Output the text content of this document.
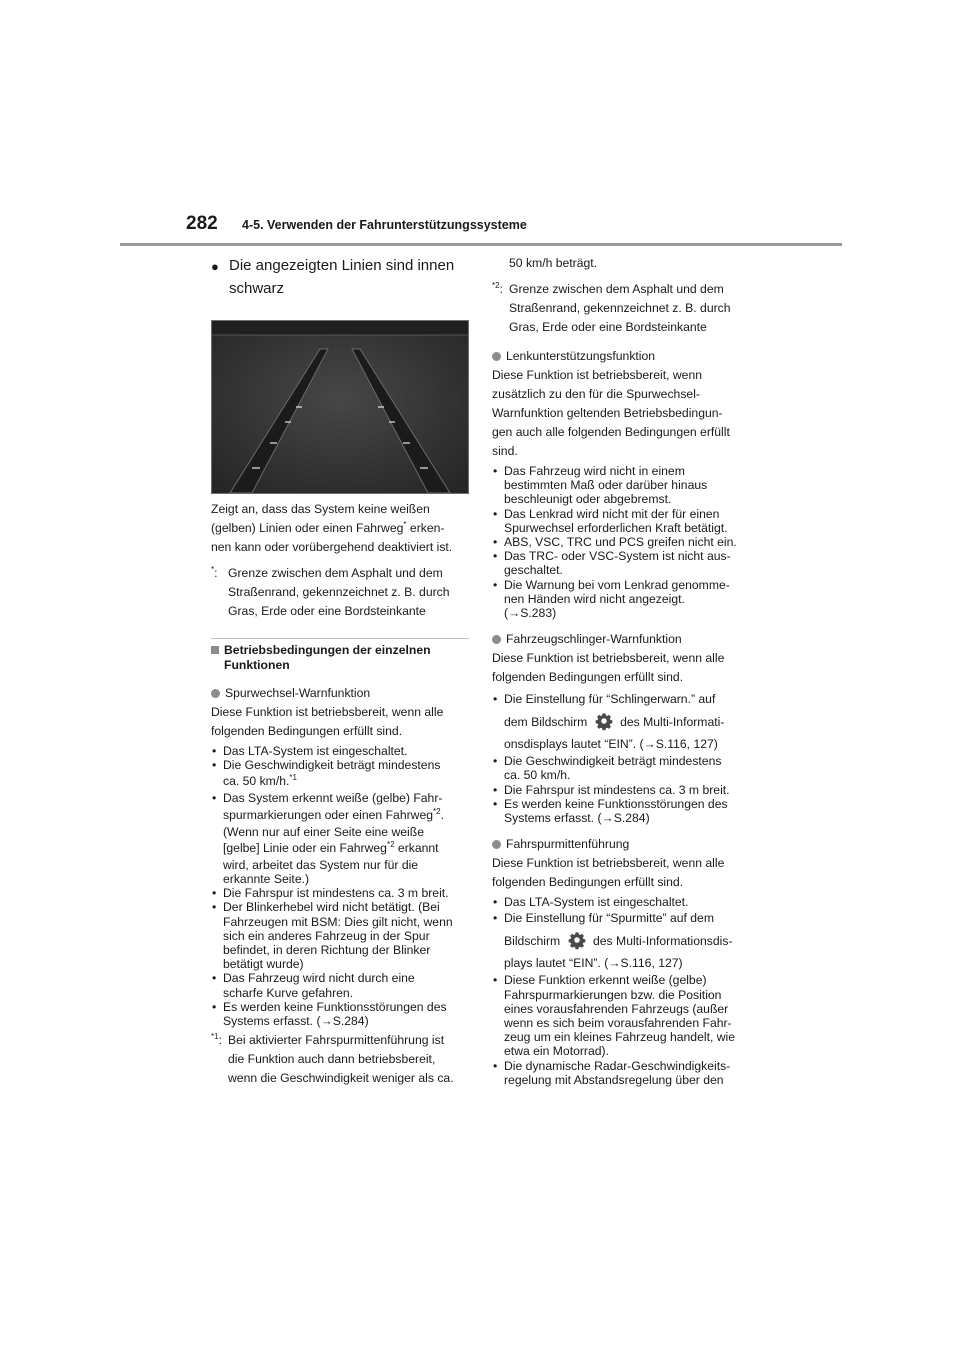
282	4-5. Verwenden der Fahrunterstützungssysteme
● Die angezeigten Linien sind innen schwarz

Zeigt an, dass das System keine weißen
(gelben) Linien oder einen Fahrweg* erken-
nen kann oder vorübergehend deaktiviert ist.

*: Grenze zwischen dem Asphalt und dem
Straßenrand, gekennzeichnet z. B. durch
Gras, Erde oder eine Bordsteinkante
Betriebsbedingungen der einzelnen Funktionen
Spurwechsel-Warnfunktion

Diese Funktion ist betriebsbereit, wenn alle
folgenden Bedingungen erfüllt sind.

• Das LTA-System ist eingeschaltet.
• Die Geschwindigkeit beträgt mindestens
ca. 50 km/h.$^{*1}$
• Das System erkennt weiße (gelbe) Fahr-
spurmarkierungen oder einen Fahrweg$^{*2}$.
(Wenn nur auf einer Seite eine weiße
[gelbe] Linie oder ein Fahrweg$^{*2}$ erkannt
wird, arbeitet das System nur für die
erkannte Seite.)
• Die Fahrspur ist mindestens ca. 3 m breit.
• Der Blinkerhebel wird nicht betätigt. (Bei
Fahrzeugen mit BSM: Dies gilt nicht, wenn
sich ein anderes Fahrzeug in der Spur
befindet, in deren Richtung der Blinker
betätigt wurde)
• Das Fahrzeug wird nicht durch eine
scharfe Kurve gefahren.
• Es werden keine Funktionsstörungen des
Systems erfasst. (→S.284)
$^{*1}$: Bei aktivierter Fahrspurmittenführung ist
die Funktion auch dann betriebsbereit,
wenn die Geschwindigkeit weniger als ca.

50 km/h beträgt.

$^{*2}$: Grenze zwischen dem Asphalt und dem
Straßenrand, gekennzeichnet z. B. durch
Gras, Erde oder eine Bordsteinkante
Lenkunterstützungsfunktion

Diese Funktion ist betriebsbereit, wenn
zusätzlich zu den für die Spurwechsel-
Warnfunktion geltenden Betriebsbedingun-
gen auch alle folgenden Bedingungen erfüllt
sind.

• Das Fahrzeug wird nicht in einem
bestimmten Maß oder darüber hinaus
beschleunigt oder abgebremst.
• Das Lenkrad wird nicht mit der für einen
Spurwechsel erforderlichen Kraft betätigt.
• ABS, VSC, TRC und PCS greifen nicht ein.
• Das TRC- oder VSC-System ist nicht aus-
geschaltet.
• Die Warnung bei vom Lenkrad genomme-
nen Händen wird nicht angezeigt.
(→S.283)
Fahrzeugschlinger-Warnfunktion

Diese Funktion ist betriebsbereit, wenn alle
folgenden Bedingungen erfüllt sind.

• Die Einstellung für “Schlingerwarn.” auf
dem Bildschirm	des Multi-Informati-
onsdisplays lautet “EIN”. (→S.116, 127)
• Die Geschwindigkeit beträgt mindestens
ca. 50 km/h.
• Die Fahrspur ist mindestens ca. 3 m breit.
• Es werden keine Funktionsstörungen des
Systems erfasst. (→S.284)
Fahrspurmittenführung

Diese Funktion ist betriebsbereit, wenn alle
folgenden Bedingungen erfüllt sind.

• Das LTA-System ist eingeschaltet.
• Die Einstellung für “Spurmitte” auf dem
Bildschirm	des Multi-Informationsdis-
plays lautet “EIN”. (→S.116, 127)
• Diese Funktion erkennt weiße (gelbe)
Fahrspurmarkierungen bzw. die Position
eines vorausfahrenden Fahrzeugs (außer
wenn es sich beim vorausfahrenden Fahr-
zeug um ein kleines Fahrzeug handelt, wie
etwa ein Motorrad).
• Die dynamische Radar-Geschwindigkeits-
regelung mit Abstandsregelung über den
